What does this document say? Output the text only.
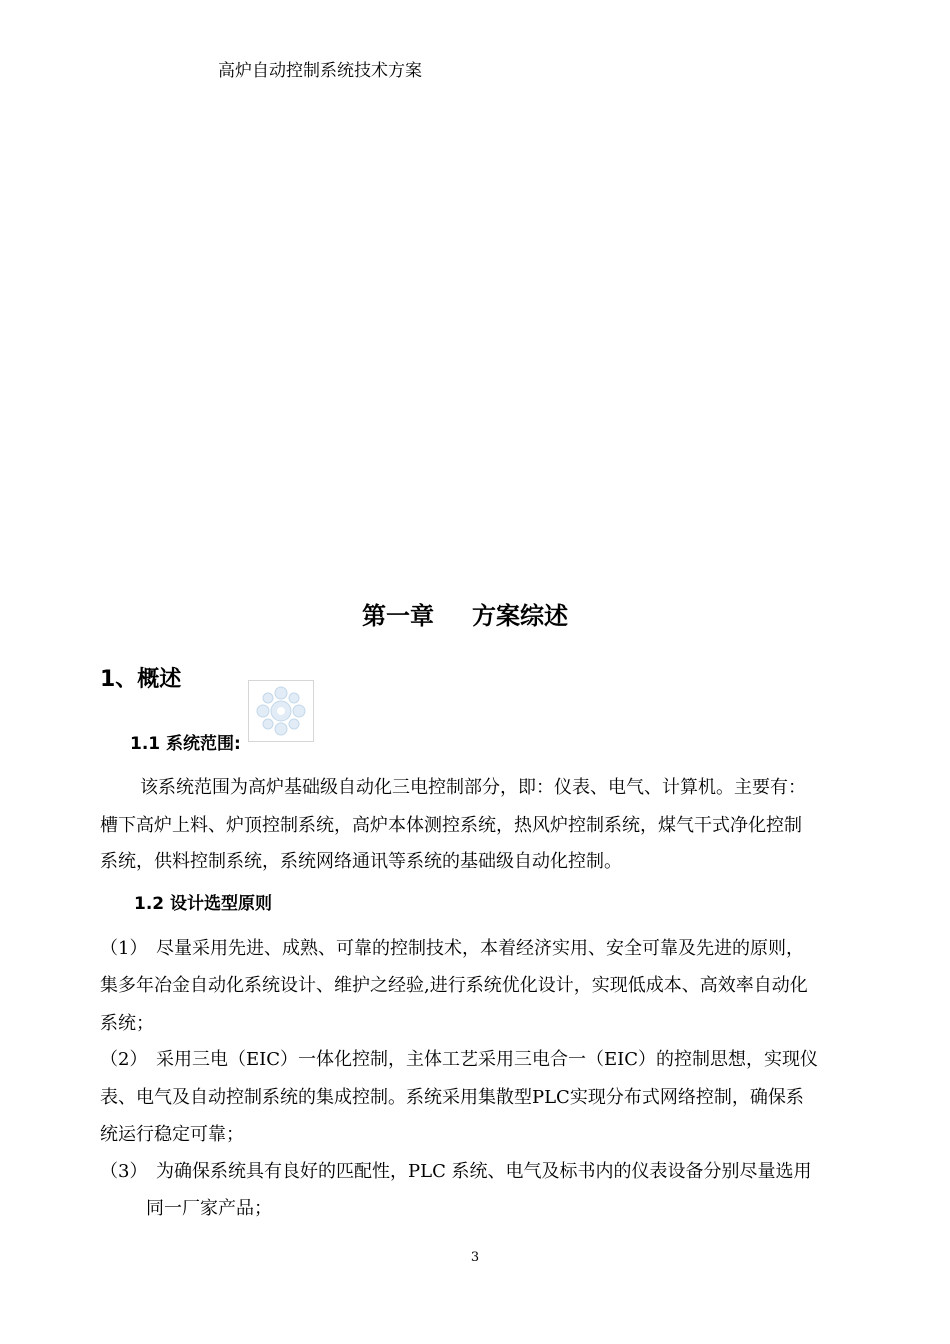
高炉自动控制系统技术方案
第一章 方案综述
1、概述
1.1 系统范围:
该系统范围为高炉基础级自动化三电控制部分，即：仪表、电气、计算机。主要有：
槽下高炉上料、炉顶控制系统，高炉本体测控系统，热风炉控制系统，煤气干式净化控制
系统，供料控制系统，系统网络通讯等系统的基础级自动化控制。
1.2 设计选型原则
（1） 尽量采用先进、成熟、可靠的控制技术，本着经济实用、安全可靠及先进的原则，
集多年冶金自动化系统设计、维护之经验,进行系统优化设计，实现低成本、高效率自动化
系统；
（2） 采用三电（EIC）一体化控制，主体工艺采用三电合一（EIC）的控制思想，实现仪
表、电气及自动控制系统的集成控制。系统采用集散型PLC实现分布式网络控制，确保系
统运行稳定可靠；
（3） 为确保系统具有良好的匹配性，PLC 系统、电气及标书内的仪表设备分别尽量选用
同一厂家产品；
3
